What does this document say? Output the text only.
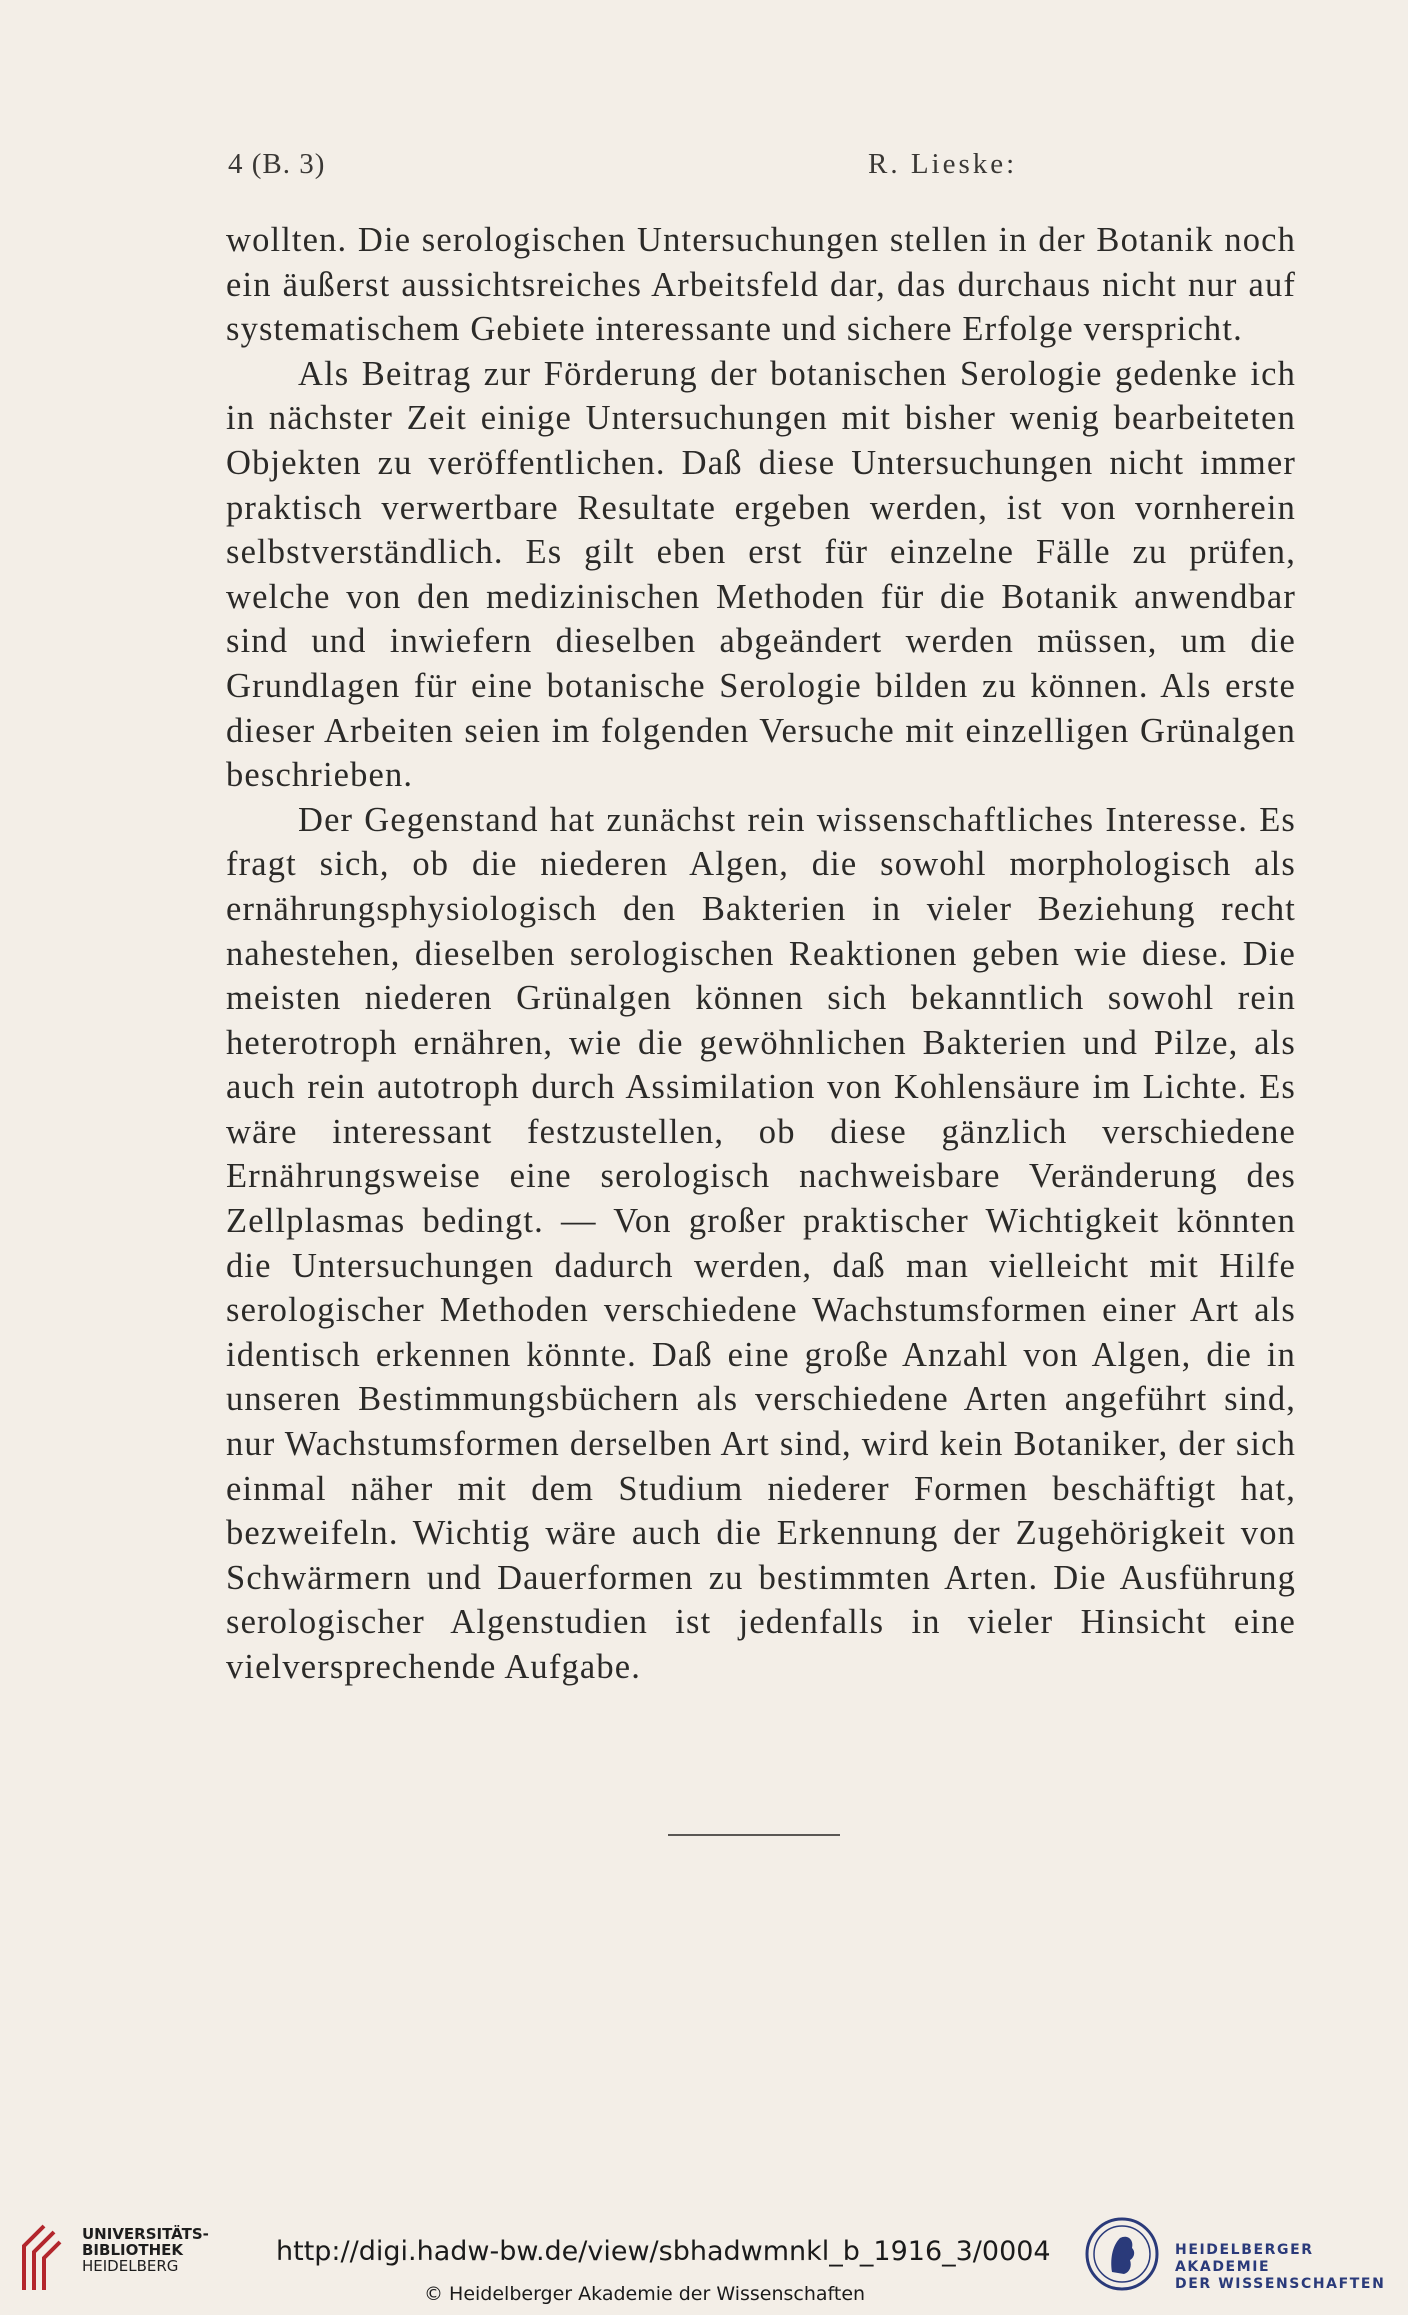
4 (B. 3)	R. Lieske:

wollten. Die serologischen Untersuchungen stellen in der Botanik noch ein äußerst aussichtsreiches Arbeitsfeld dar, das durchaus nicht nur auf systematischem Gebiete interessante und sichere Erfolge verspricht.

Als Beitrag zur Förderung der botanischen Serologie gedenke ich in nächster Zeit einige Untersuchungen mit bisher wenig bearbeiteten Objekten zu veröffentlichen. Daß diese Untersuchungen nicht immer praktisch verwertbare Resultate ergeben werden, ist von vornherein selbstverständlich. Es gilt eben erst für einzelne Fälle zu prüfen, welche von den medizinischen Methoden für die Botanik anwendbar sind und inwiefern dieselben abgeändert werden müssen, um die Grundlagen für eine botanische Serologie bilden zu können. Als erste dieser Arbeiten seien im folgenden Versuche mit einzelligen Grünalgen beschrieben.

Der Gegenstand hat zunächst rein wissenschaftliches Interesse. Es fragt sich, ob die niederen Algen, die sowohl morphologisch als ernährungsphysiologisch den Bakterien in vieler Beziehung recht nahestehen, dieselben serologischen Reaktionen geben wie diese. Die meisten niederen Grünalgen können sich bekanntlich sowohl rein heterotroph ernähren, wie die gewöhnlichen Bakterien und Pilze, als auch rein autotroph durch Assimilation von Kohlensäure im Lichte. Es wäre interessant festzustellen, ob diese gänzlich verschiedene Ernährungsweise eine serologisch nachweisbare Veränderung des Zellplasmas bedingt. — Von großer praktischer Wichtigkeit könnten die Untersuchungen dadurch werden, daß man vielleicht mit Hilfe serologischer Methoden verschiedene Wachstumsformen einer Art als identisch erkennen könnte. Daß eine große Anzahl von Algen, die in unseren Bestimmungsbüchern als verschiedene Arten angeführt sind, nur Wachstumsformen derselben Art sind, wird kein Botaniker, der sich einmal näher mit dem Studium niederer Formen beschäftigt hat, bezweifeln. Wichtig wäre auch die Erkennung der Zugehörigkeit von Schwärmern und Dauerformen zu bestimmten Arten. Die Ausführung serologischer Algenstudien ist jedenfalls in vieler Hinsicht eine vielversprechende Aufgabe.

UNIVERSITÄTS-
BIBLIOTHEK
HEIDELBERG	http://digi.hadw-bw.de/view/sbhadwmnkl_b_1916_3/0004
© Heidelberger Akademie der Wissenschaften
HEIDELBERGER AKADEMIE
DER WISSENSCHAFTEN
